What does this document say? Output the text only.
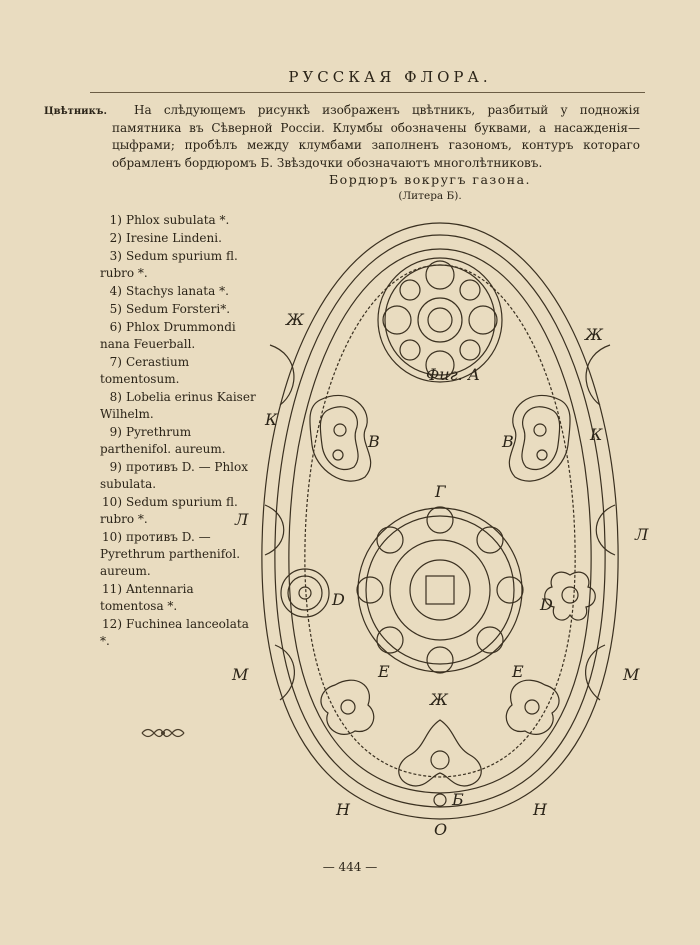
РУССКАЯ ФЛОРА.
Цвѣтникъ.	На слѣдующемъ рисункѣ изображенъ цвѣтникъ, разбитый у подножія памятника въ Сѣверной Россіи. Клумбы обозначены буквами, а насажденія—цыфрами; пробѣлъ между клумбами заполненъ газономъ, контуръ котораго обрамленъ бордюромъ Б. Звѣздочки обозначаютъ многолѣтниковъ.
Бордюръ вокругъ газона.
(Литера Б).
1) Phlox subulata *.
2) Iresine Lindeni.
3) Sedum spurium fl. rubro *.
4) Stachys lanata *.
5) Sedum Forsteri*.
6) Phlox Drummondi nana Feuerball.
7) Cerastium tomentosum.
8) Lobelia erinus Kaiser Wilhelm.
9) Pyrethrum parthenifol. aureum.
9) противъ D. — Phlox subulata.
10) Sedum spurium fl. rubro *.
10) противъ D. — Pyrethrum parthenifol. aureum.
11) Antennaria tomentosa *.
12) Fuchinea lanceolata *.
Фиг. А
Ж
Ж
К
К
В	В
Л
Л
Г
D	D
Е	Е
М	М
Ж
Б
Н	Н
О
— 444 —
